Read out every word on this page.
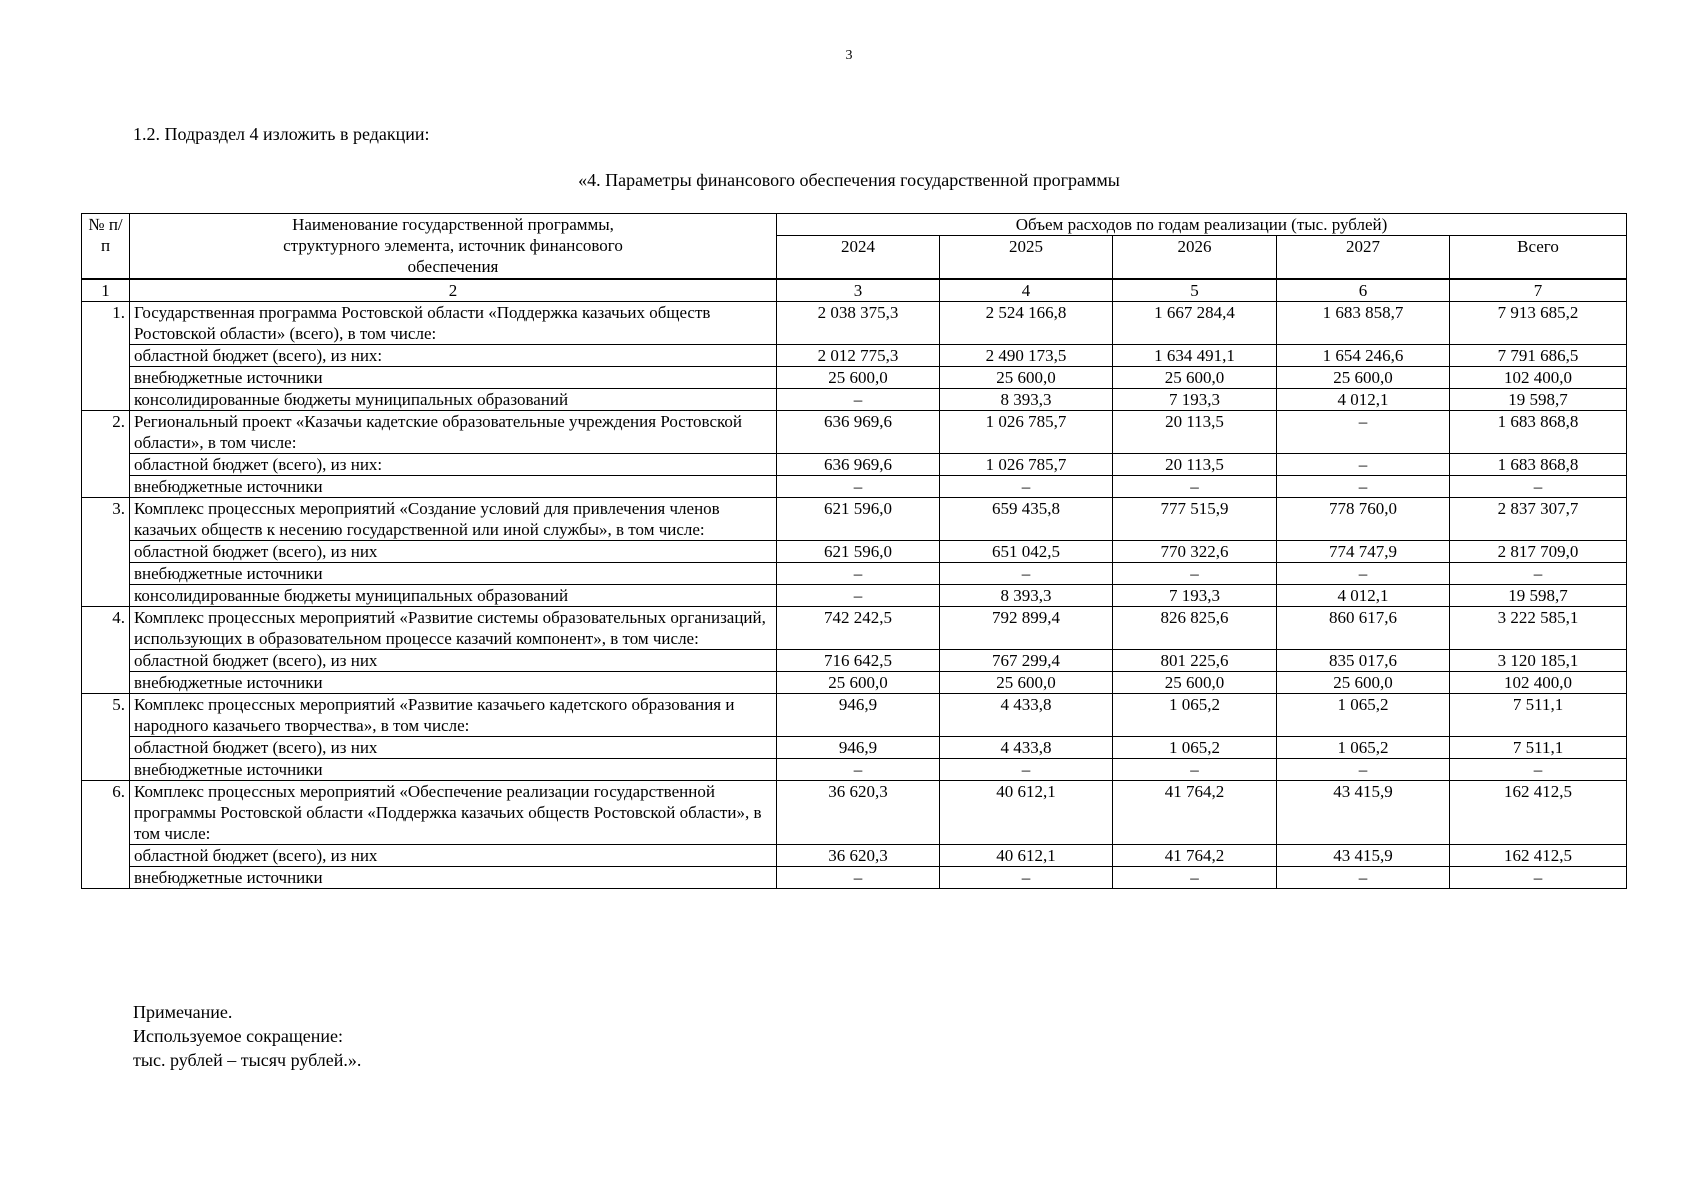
3
1.2. Подраздел 4 изложить в редакции:
«4. Параметры финансового обеспечения государственной программы
№ п/п	Наименование государственной программы, структурного элемента, источник финансового обеспечения	Объем расходов по годам реализации (тыс. рублей)				
		2024	2025	2026	2027	Всего
1	2	3	4	5	6	7
1.	Государственная программа Ростовской области «Поддержка казачьих обществ Ростовской области» (всего), в том числе:	2 038 375,3	2 524 166,8	1 667 284,4	1 683 858,7	7 913 685,2
	областной бюджет (всего), из них:	2 012 775,3	2 490 173,5	1 634 491,1	1 654 246,6	7 791 686,5
	внебюджетные источники	25 600,0	25 600,0	25 600,0	25 600,0	102 400,0
	консолидированные бюджеты муниципальных образований	–	8 393,3	7 193,3	4 012,1	19 598,7
2.	Региональный проект «Казачьи кадетские образовательные учреждения Ростовской области», в том числе:	636 969,6	1 026 785,7	20 113,5	–	1 683 868,8
	областной бюджет (всего), из них:	636 969,6	1 026 785,7	20 113,5	–	1 683 868,8
	внебюджетные источники	–	–	–	–	–
3.	Комплекс процессных мероприятий «Создание условий для привлечения членов казачьих обществ к несению государственной или иной службы», в том числе:	621 596,0	659 435,8	777 515,9	778 760,0	2 837 307,7
	областной бюджет (всего), из них	621 596,0	651 042,5	770 322,6	774 747,9	2 817 709,0
	внебюджетные источники	–	–	–	–	–
	консолидированные бюджеты муниципальных образований	–	8 393,3	7 193,3	4 012,1	19 598,7
4.	Комплекс процессных мероприятий «Развитие системы образовательных организаций, использующих в образовательном процессе казачий компонент», в том числе:	742 242,5	792 899,4	826 825,6	860 617,6	3 222 585,1
	областной бюджет (всего), из них	716 642,5	767 299,4	801 225,6	835 017,6	3 120 185,1
	внебюджетные источники	25 600,0	25 600,0	25 600,0	25 600,0	102 400,0
5.	Комплекс процессных мероприятий «Развитие казачьего кадетского образования и народного казачьего творчества», в том числе:	946,9	4 433,8	1 065,2	1 065,2	7 511,1
	областной бюджет (всего), из них	946,9	4 433,8	1 065,2	1 065,2	7 511,1
	внебюджетные источники	–	–	–	–	–
6.	Комплекс процессных мероприятий «Обеспечение реализации государственной программы Ростовской области «Поддержка казачьих обществ Ростовской области», в том числе:	36 620,3	40 612,1	41 764,2	43 415,9	162 412,5
	областной бюджет (всего), из них	36 620,3	40 612,1	41 764,2	43 415,9	162 412,5
	внебюджетные источники	–	–	–	–	–
Примечание.
Используемое сокращение:
тыс. рублей – тысяч рублей.».
